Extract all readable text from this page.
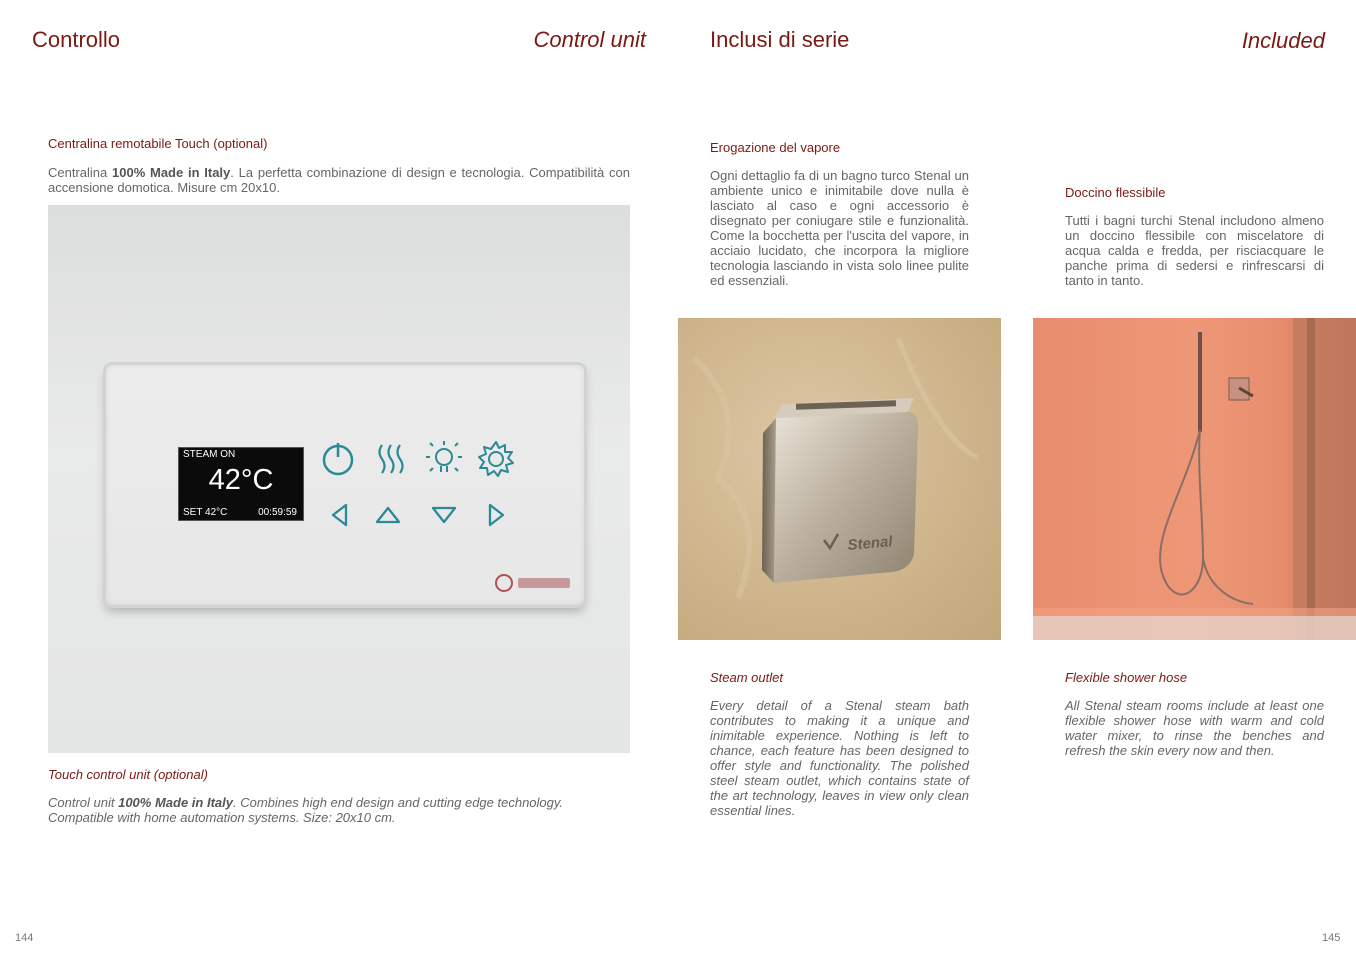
Controllo	Control unit
Centralina remotabile Touch (optional)
Centralina 100% Made in Italy. La perfetta combinazione di design e tecnologia. Compatibilità con accensione domotica. Misure cm 20x10.
STEAM ON
42°C
SET 42°C	00:59:59
Touch control unit (optional)
Control unit 100% Made in Italy. Combines high end design and cutting edge technology. Compatible with home automation systems. Size: 20x10 cm.
144
Inclusi di serie	Included
Erogazione del vapore
Ogni dettaglio fa di un bagno turco Stenal un ambiente unico e inimitabile dove nulla è lasciato al caso e ogni accessorio è disegnato per coniugare stile e funzionalità. Come la bocchetta per l'uscita del vapore, in acciaio lucidato, che incorpora la migliore tecnologia lasciando in vista solo linee pulite ed essenziali.
Doccino flessibile
Tutti i bagni turchi Stenal includono almeno un doccino flessibile con miscelatore di acqua calda e fredda, per risciacquare le panche prima di sedersi e rinfrescarsi di tanto in tanto.
Stenal
Steam outlet
Every detail of a Stenal steam bath contributes to making it a unique and inimitable experience. Nothing is left to chance, each feature has been designed to offer style and functionality. The polished steel steam outlet, which contains state of the art technology, leaves in view only clean essential lines.
Flexible shower hose
All Stenal steam rooms include at least one flexible shower hose with warm and cold water mixer, to rinse the benches and refresh the skin every now and then.
145
